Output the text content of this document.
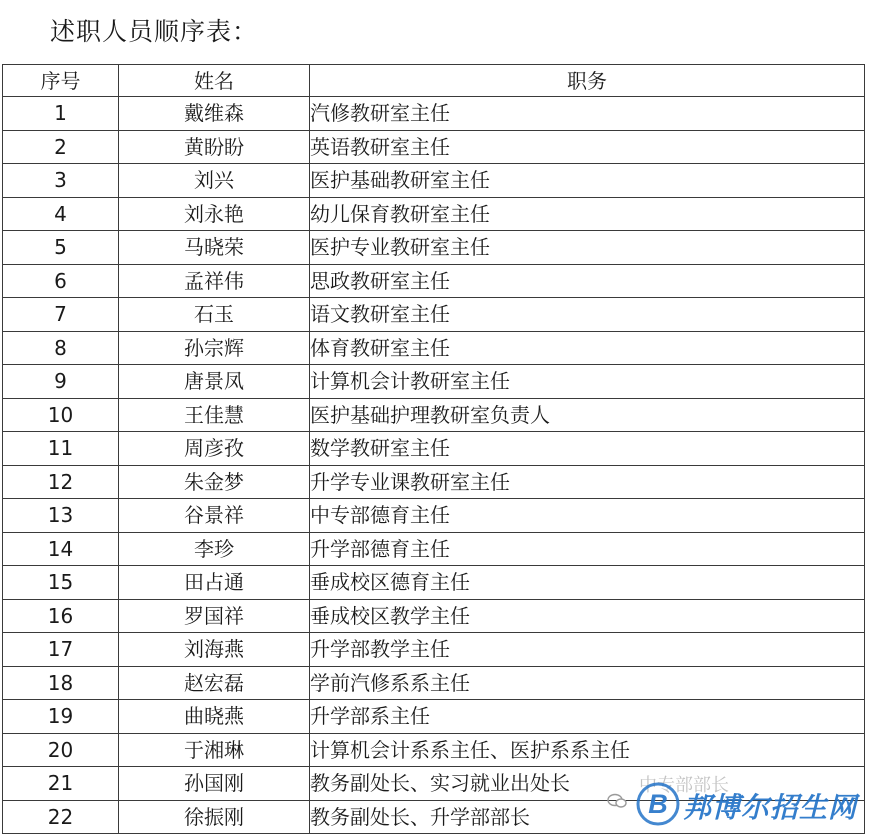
述职人员顺序表：
序号	姓名	职务
1	戴维森	汽修教研室主任
2	黄盼盼	英语教研室主任
3	刘兴	医护基础教研室主任
4	刘永艳	幼儿保育教研室主任
5	马晓荣	医护专业教研室主任
6	孟祥伟	思政教研室主任
7	石玉	语文教研室主任
8	孙宗辉	体育教研室主任
9	唐景凤	计算机会计教研室主任
10	王佳慧	医护基础护理教研室负责人
11	周彦孜	数学教研室主任
12	朱金梦	升学专业课教研室主任
13	谷景祥	中专部德育主任
14	李珍	升学部德育主任
15	田占通	垂成校区德育主任
16	罗国祥	垂成校区教学主任
17	刘海燕	升学部教学主任
18	赵宏磊	学前汽修系系主任
19	曲晓燕	升学部系主任
20	于湘琳	计算机会计系系主任、医护系系主任
21	孙国刚	教务副处长、实习就业出处长
22	徐振刚	教务副处长、升学部部长
中专部部长
B 邦博尔招生网
